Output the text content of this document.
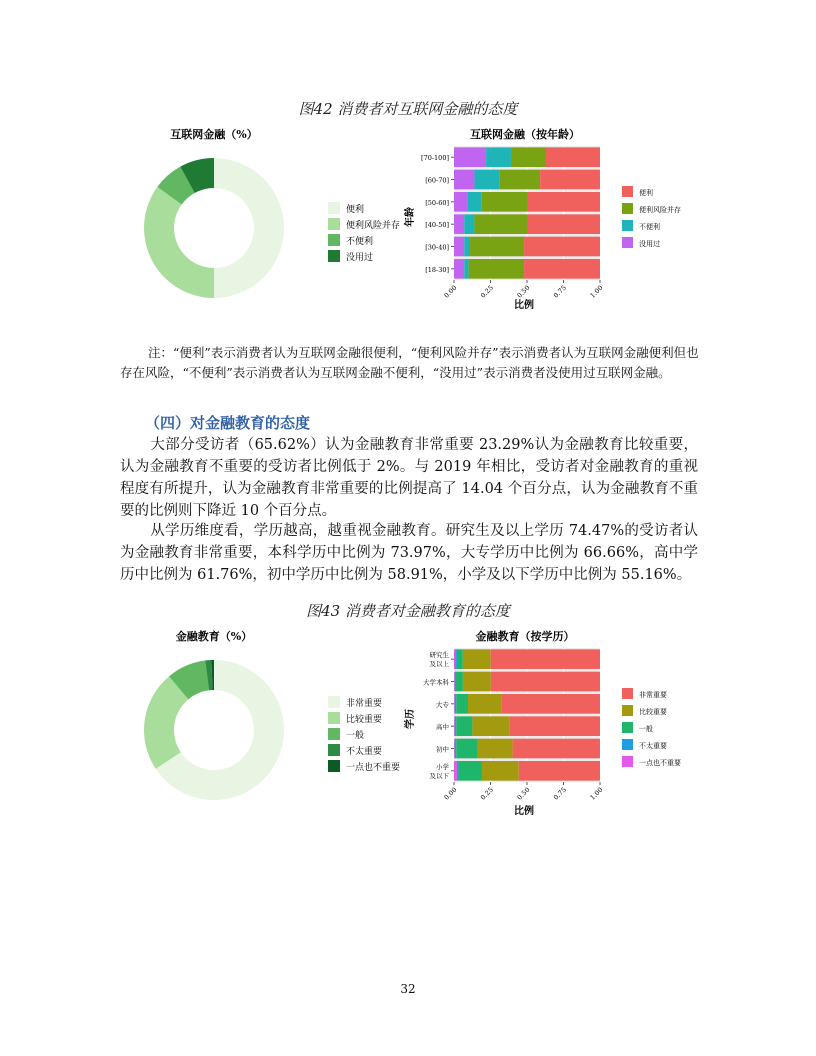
图42 消费者对互联网金融的态度
互联网金融（%）
便利
便利风险并存
不便利
没用过
互联网金融（按年龄）
比例
年龄
[70-100]
[60-70]
[50-60]
[40-50]
[30-40]
[18-30]
0.00	0.25	0.50	0.75	1.00
便利
便利风险并存
不便利
没用过
注：“便利”表示消费者认为互联网金融很便利，“便利风险并存”表示消费者认为互联网金融便利但也存在风险，“不便利”表示消费者认为互联网金融不便利，“没用过”表示消费者没使用过互联网金融。
（四）对金融教育的态度
大部分受访者（65.62%）认为金融教育非常重要 23.29%认为金融教育比较重要，认为金融教育不重要的受访者比例低于 2%。与 2019 年相比，受访者对金融教育的重视程度有所提升，认为金融教育非常重要的比例提高了 14.04 个百分点，认为金融教育不重要的比例则下降近 10 个百分点。
从学历维度看，学历越高，越重视金融教育。研究生及以上学历 74.47%的受访者认为金融教育非常重要，本科学历中比例为 73.97%，大专学历中比例为 66.66%，高中学历中比例为 61.76%，初中学历中比例为 58.91%，小学及以下学历中比例为 55.16%。
图43 消费者对金融教育的态度
金融教育（%）
非常重要
比较重要
一般
不太重要
一点也不重要
金融教育（按学历）
比例
学历
研究生及以上
大学本科
大专
高中
初中
小学及以下
0.00	0.25	0.50	0.75	1.00
非常重要
比较重要
一般
不太重要
一点也不重要
32
